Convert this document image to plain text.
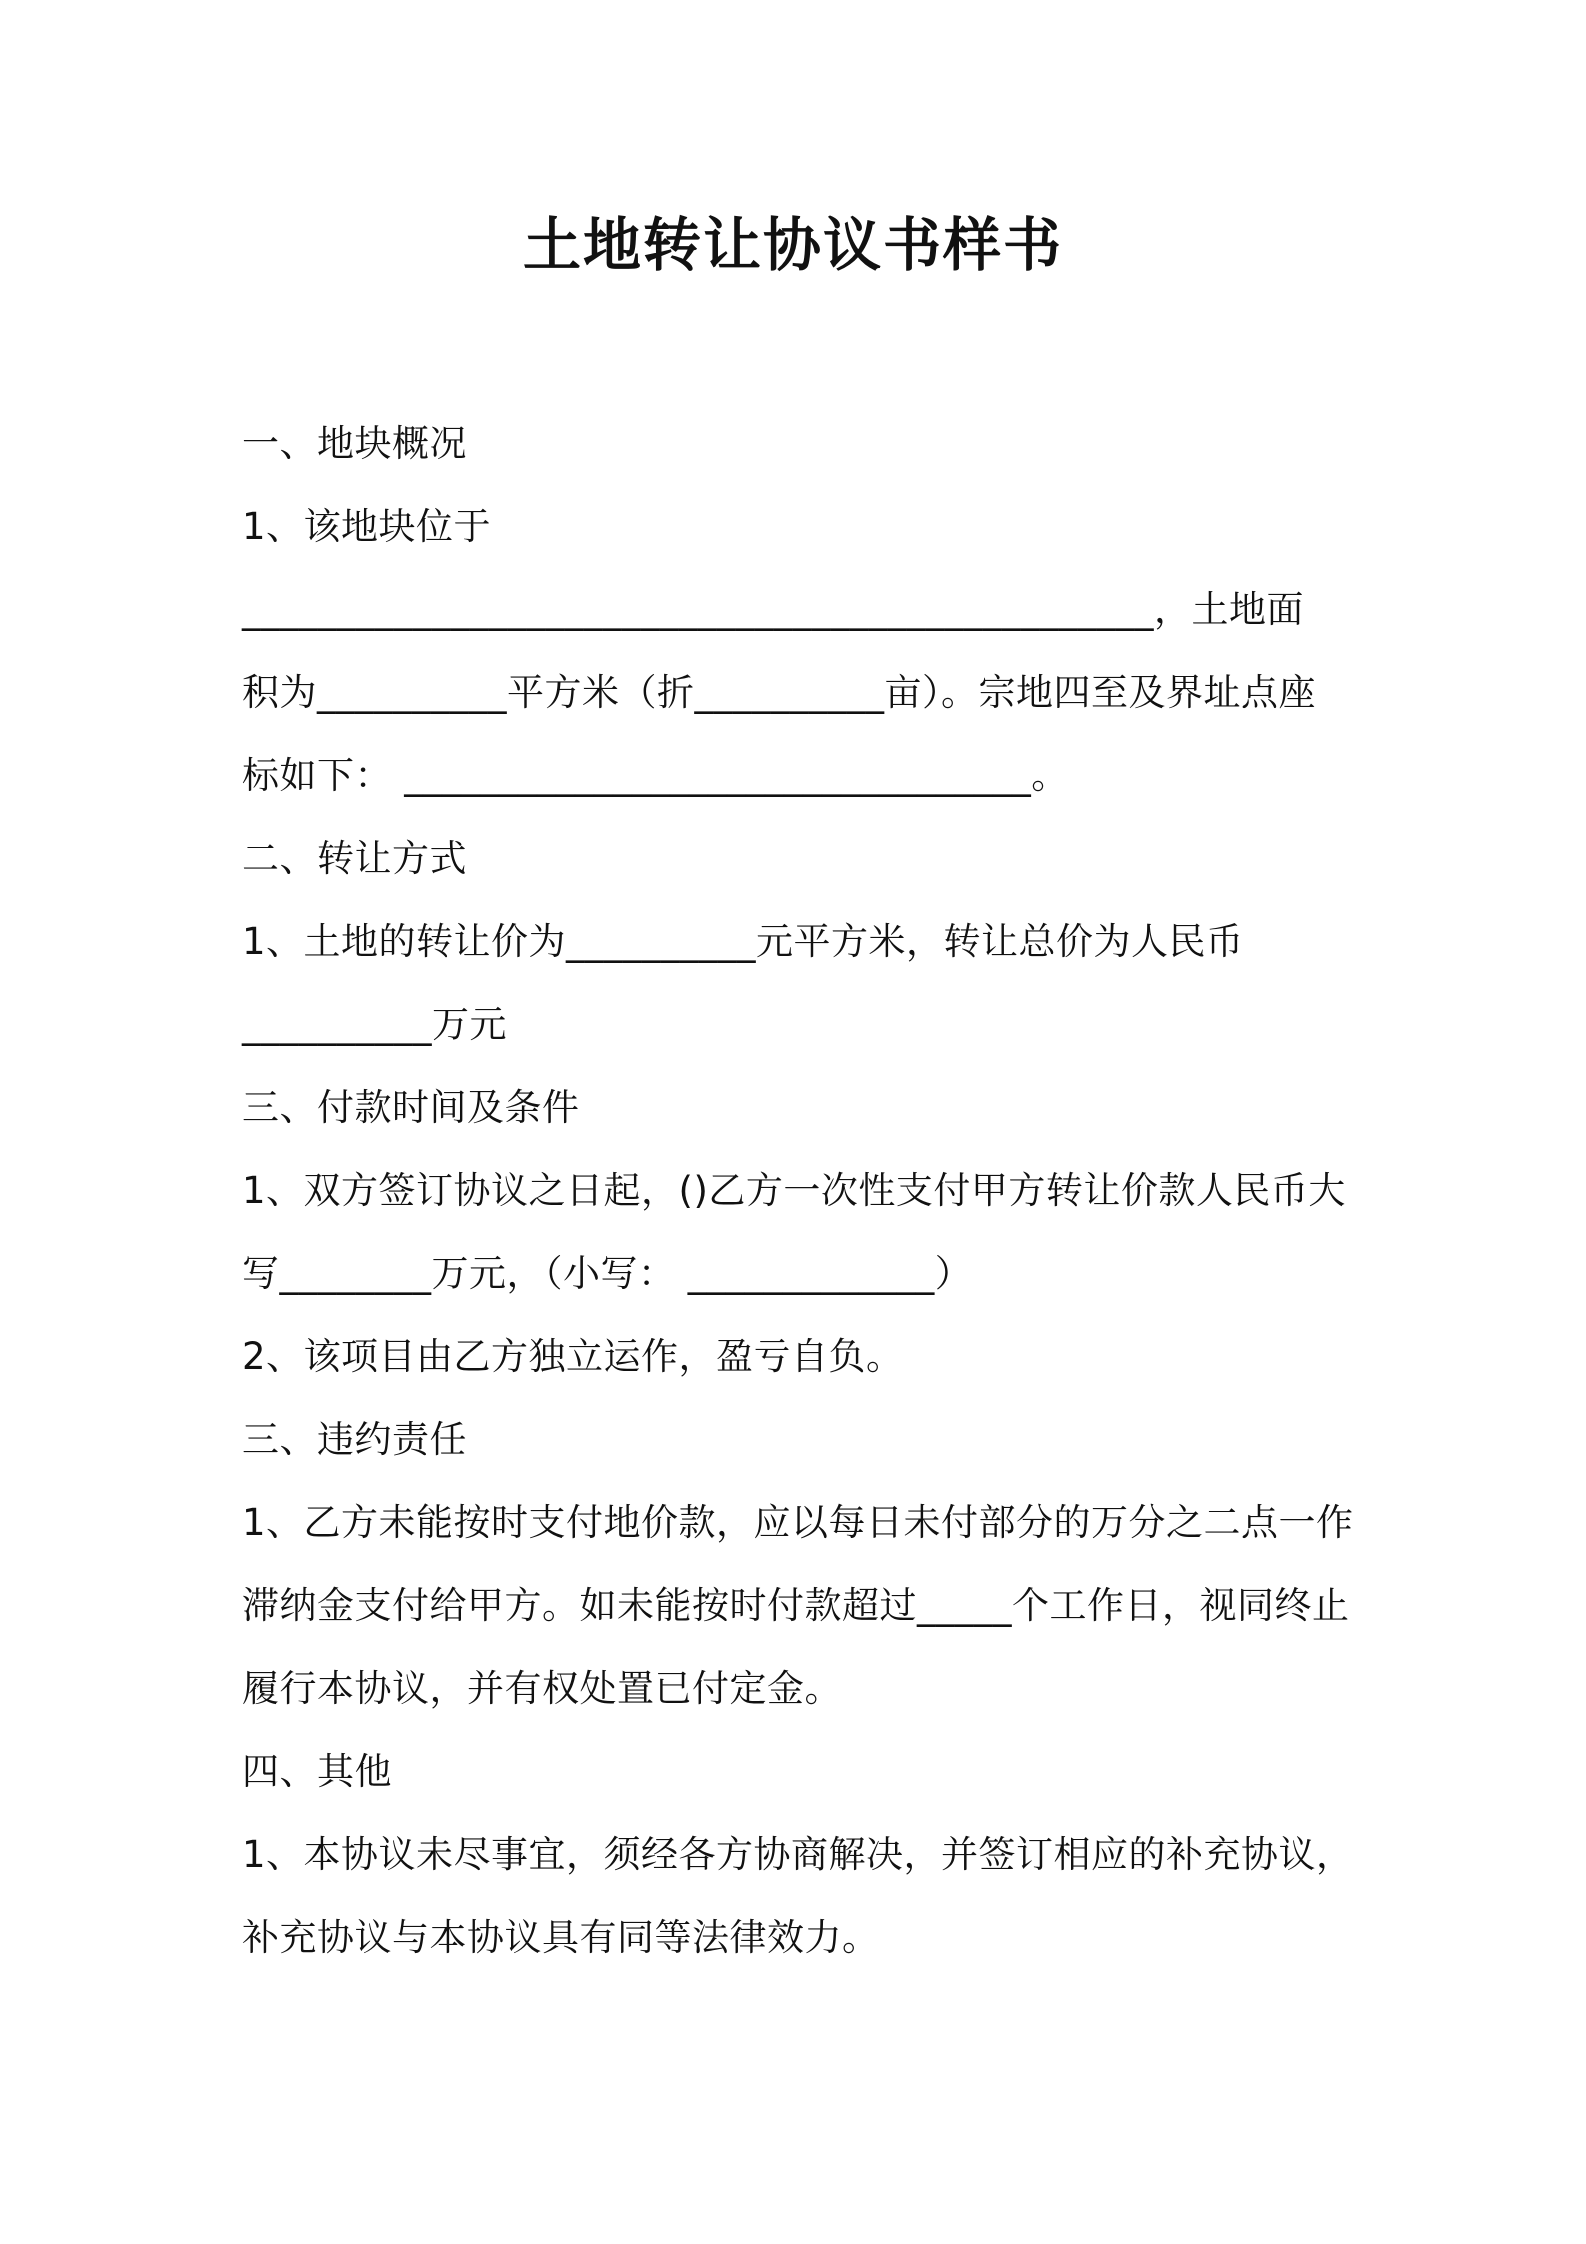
土地转让协议书样书
一、地块概况
1、该地块位于
________________________________________________，土地面
积为__________平方米（折__________亩）。宗地四至及界址点座
标如下： _________________________________。
二、转让方式
1、土地的转让价为__________元平方米，转让总价为人民币
__________万元
三、付款时间及条件
1、双方签订协议之日起，()乙方一次性支付甲方转让价款人民币大
写________万元，（小写： _____________）
2、该项目由乙方独立运作，盈亏自负。
三、违约责任
1、乙方未能按时支付地价款，应以每日未付部分的万分之二点一作
滞纳金支付给甲方。如未能按时付款超过_____个工作日，视同终止
履行本协议，并有权处置已付定金。
四、其他
1、本协议未尽事宜，须经各方协商解决，并签订相应的补充协议，
补充协议与本协议具有同等法律效力。
